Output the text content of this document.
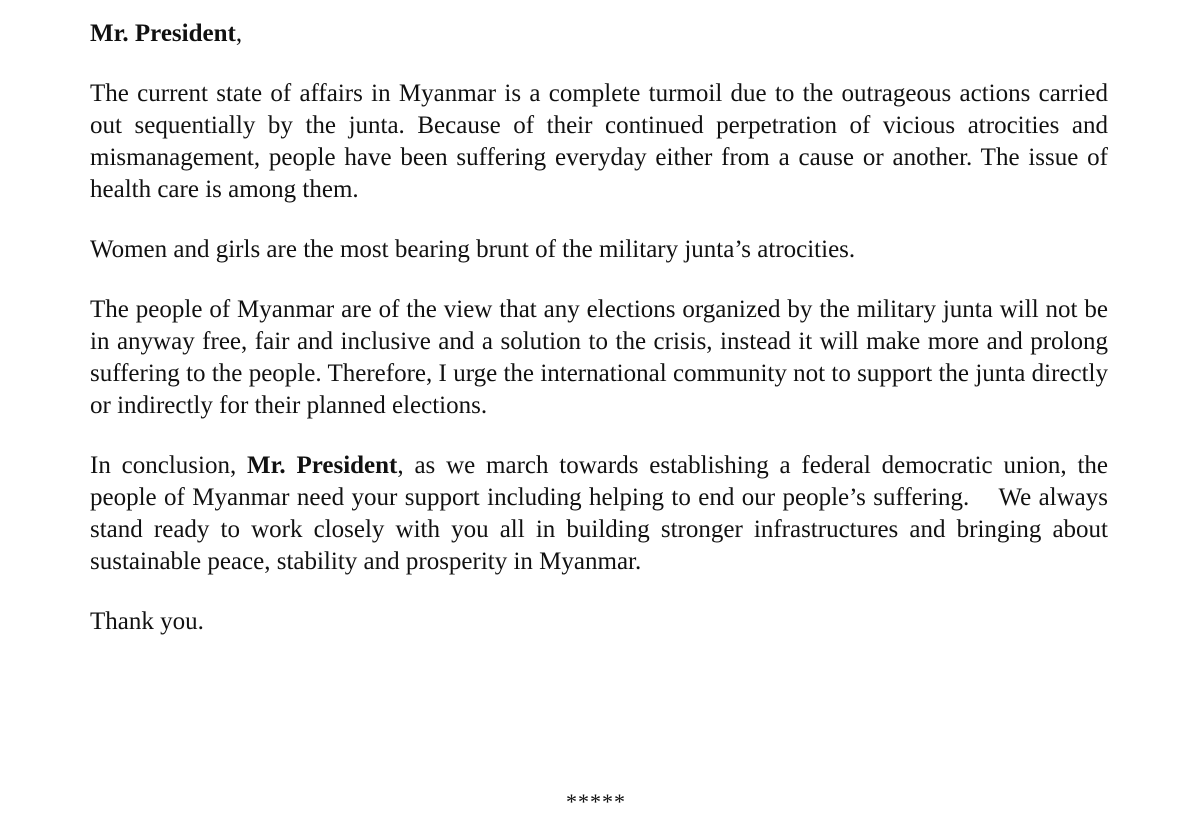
Mr. President,

The current state of affairs in Myanmar is a complete turmoil due to the outrageous actions carried out sequentially by the junta. Because of their continued perpetration of vicious atrocities and mismanagement, people have been suffering everyday either from a cause or another. The issue of health care is among them.

Women and girls are the most bearing brunt of the military junta’s atrocities.

The people of Myanmar are of the view that any elections organized by the military junta will not be in anyway free, fair and inclusive and a solution to the crisis, instead it will make more and prolong suffering to the people. Therefore, I urge the international community not to support the junta directly or indirectly for their planned elections.

In conclusion, Mr. President, as we march towards establishing a federal democratic union, the people of Myanmar need your support including helping to end our people’s suffering.    We always stand ready to work closely with you all in building stronger infrastructures and bringing about sustainable peace, stability and prosperity in Myanmar.

Thank you.

*****
